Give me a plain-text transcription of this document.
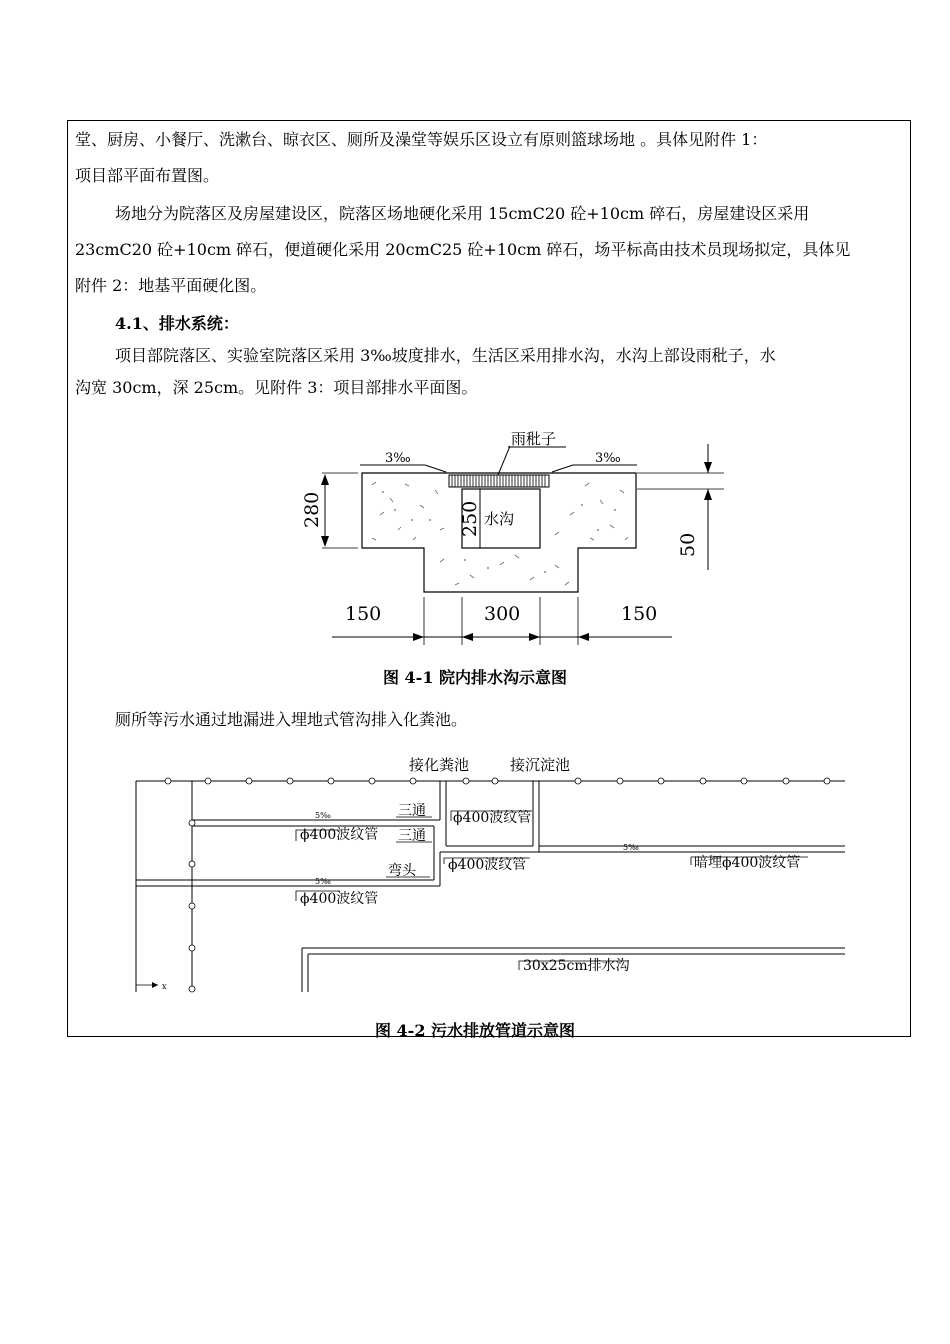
堂、厨房、小餐厅、洗漱台、晾衣区、厕所及澡堂等娱乐区设立有原则篮球场地 。具体见附件 1：
项目部平面布置图。
场地分为院落区及房屋建设区，院落区场地硬化采用 15cmC20 砼+10cm 碎石，房屋建设区采用
23cmC20 砼+10cm 碎石，便道硬化采用 20cmC25 砼+10cm 碎石，场平标高由技术员现场拟定，具体见
附件 2：地基平面硬化图。
4.1、排水系统：
项目部院落区、实验室院落区采用 3‰坡度排水，生活区采用排水沟，水沟上部设雨秕子，水
沟宽 30cm，深 25cm。见附件 3：项目部排水平面图。
3‰	3‰
雨秕子
水沟
250
280
50
150	300	150
接化粪池	接沉淀池
三通
三通
弯头
ϕ400波纹管
ϕ400波纹管
ϕ400波纹管
ϕ400波纹管
暗埋ϕ400波纹管
30x25cm排水沟
5‰
5‰
5‰
x
图 4-1 院内排水沟示意图
厕所等污水通过地漏进入埋地式管沟排入化粪池。
图 4-2 污水排放管道示意图
